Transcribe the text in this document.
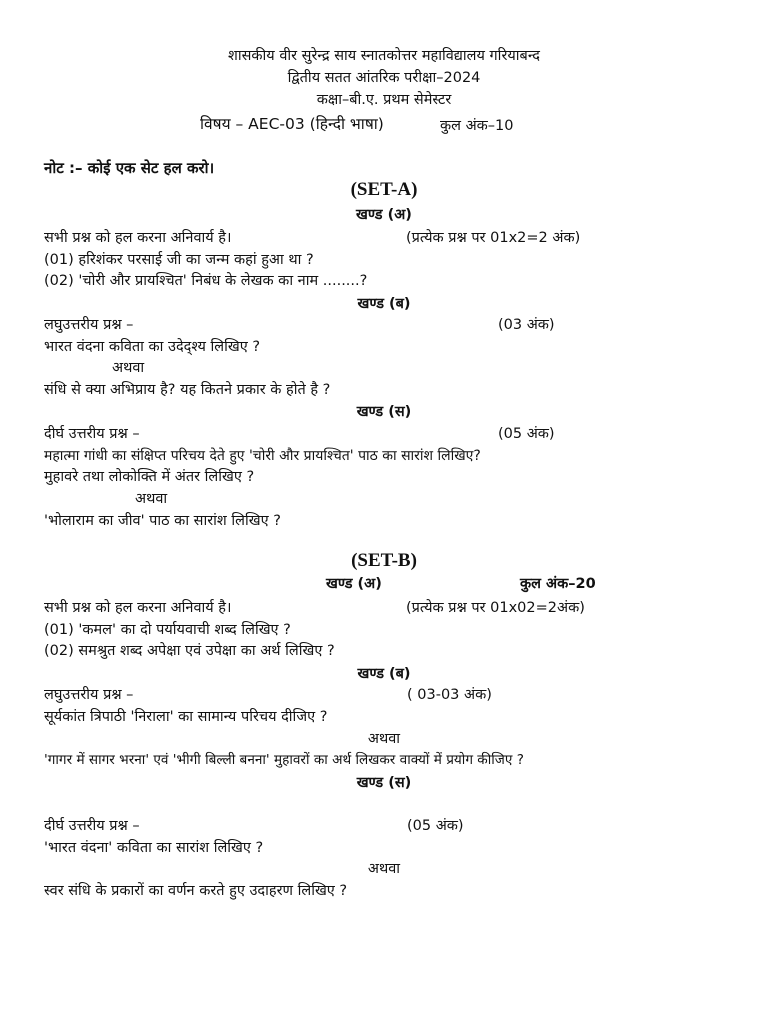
शासकीय वीर सुरेन्द्र साय स्नातकोत्तर महाविद्यालय गरियाबन्द
द्वितीय सतत आंतरिक परीक्षा–2024
कक्षा–बी.ए. प्रथम सेमेस्टर
विषय – AEC-03 (हिन्दी भाषा)	कुल अंक–10
नोट :– कोई एक सेट हल करो।
(SET-A)
खण्ड (अ)
सभी प्रश्न को हल करना अनिवार्य है।	(प्रत्येक प्रश्न पर 01x2=2 अंक)
(01) हरिशंकर परसाई जी का जन्म कहां हुआ था ?
(02) 'चोरी और प्रायश्चित' निबंध के लेखक का नाम ........?
खण्ड (ब)
लघुउत्तरीय प्रश्न –	(03 अंक)
भारत वंदना कविता का उदेद्श्य लिखिए ?
अथवा
संधि से क्या अभिप्राय है? यह कितने प्रकार के होते है ?
खण्ड (स)
दीर्घ उत्तरीय प्रश्न –	(05 अंक)
महात्मा गांधी का संक्षिप्त परिचय देते हुए 'चोरी और प्रायश्चित' पाठ का सारांश लिखिए?
मुहावरे तथा लोकोक्ति में अंतर लिखिए ?
अथवा
'भोलाराम का जीव' पाठ का सारांश लिखिए ?
(SET-B)
खण्ड (अ)	कुल अंक–20
सभी प्रश्न को हल करना अनिवार्य है।	(प्रत्येक प्रश्न पर 01x02=2अंक)
(01) 'कमल' का दो पर्यायवाची शब्द लिखिए ?
(02) समश्रुत शब्द अपेक्षा एवं उपेक्षा का अर्थ लिखिए ?
खण्ड (ब)
लघुउत्तरीय प्रश्न –	( 03-03 अंक)
सूर्यकांत त्रिपाठी 'निराला' का सामान्य परिचय दीजिए ?
अथवा
'गागर में सागर भरना' एवं 'भीगी बिल्ली बनना' मुहावरों का अर्थ लिखकर वाक्यों में प्रयोग कीजिए ?
खण्ड (स)
दीर्घ उत्तरीय प्रश्न –	(05 अंक)
'भारत वंदना' कविता का सारांश लिखिए ?
अथवा
स्वर संधि के प्रकारों का वर्णन करते हुए उदाहरण लिखिए ?
